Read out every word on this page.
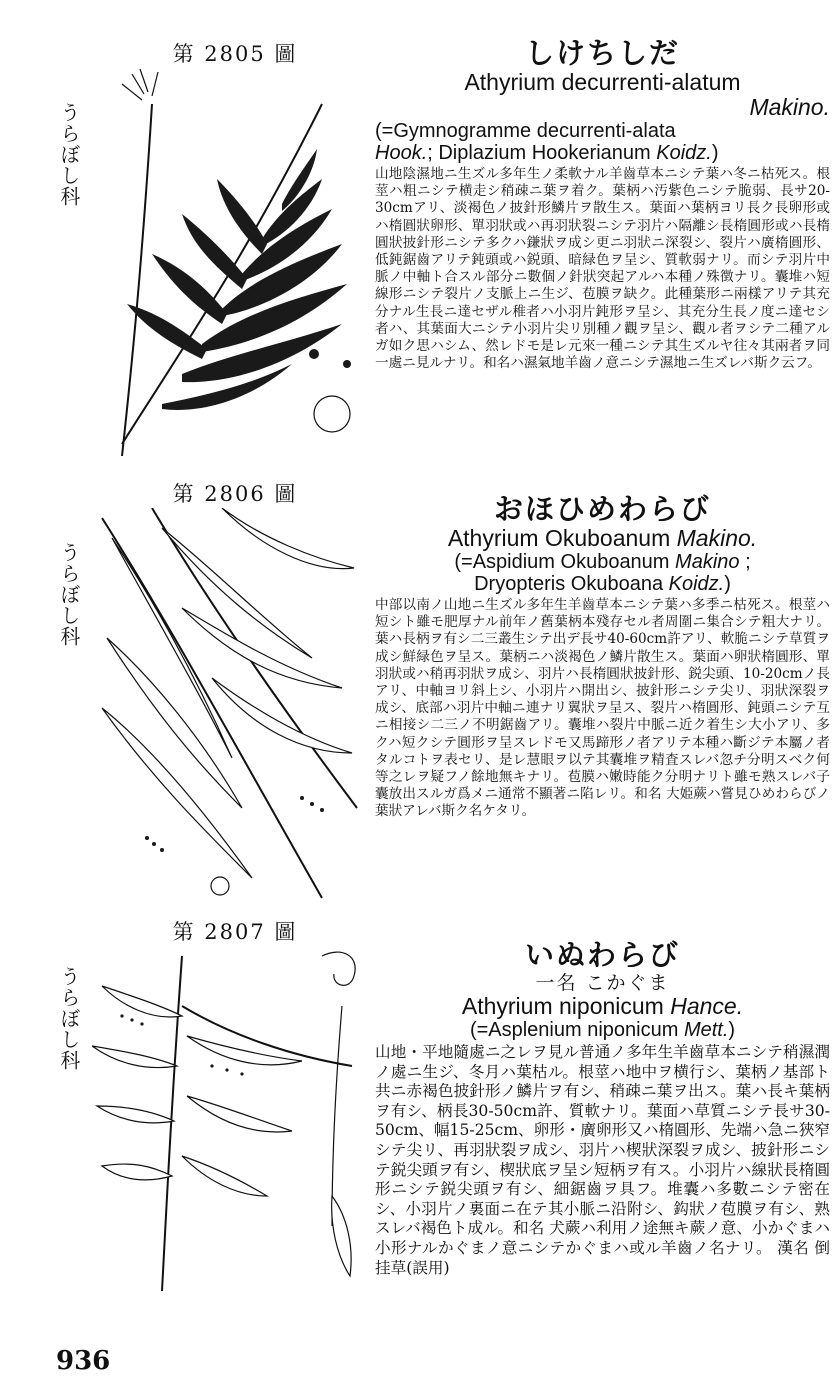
第 2805 圖
うらぼし科
しけちしだ
Athyrium decurrenti-alatum
Makino.
(=Gymnogramme decurrenti-alata
Hook.; Diplazium Hookerianum Koidz.)
山地陰濕地ニ生ズル多年生ノ柔軟ナル羊齒草本ニシテ葉ハ冬ニ枯死ス。根莖ハ粗ニシテ横走シ稍疎ニ葉ヲ着ク。葉柄ハ汚紫色ニシテ脆弱、長サ20-30cmアリ、淡褐色ノ披針形鱗片ヲ散生ス。葉面ハ葉柄ヨリ長ク長卵形或ハ楕圓狀卵形、單羽狀或ハ再羽狀裂ニシテ羽片ハ隔離シ長楕圓形或ハ長楕圓狀披針形ニシテ多クハ鎌狀ヲ成シ更ニ羽狀ニ深裂シ、裂片ハ廣楕圓形、低鈍鋸齒アリテ鈍頭或ハ鋭頭、暗緑色ヲ呈シ、質軟弱ナリ。而シテ羽片中脈ノ中軸ト合スル部分ニ數個ノ針狀突起アルハ本種ノ殊徴ナリ。囊堆ハ短線形ニシテ裂片ノ支脈上ニ生ジ、苞膜ヲ缺ク。此種葉形ニ兩樣アリテ其充分ナル生長ニ達セザル稚者ハ小羽片鈍形ヲ呈シ、其充分生長ノ度ニ達セシ者ハ、其葉面大ニシテ小羽片尖リ別種ノ觀ヲ呈シ、觀ル者ヲシテ二種アルガ如ク思ハシム、然レドモ是レ元來一種ニシテ其生ズルヤ往々其兩者ヲ同一處ニ見ルナリ。和名ハ濕氣地羊齒ノ意ニシテ濕地ニ生ズレバ斯ク云フ。
第 2806 圖
うらぼし科
おほひめわらび
Athyrium Okuboanum Makino.
(=Aspidium Okuboanum Makino ;
Dryopteris Okuboana Koidz.)
中部以南ノ山地ニ生ズル多年生羊齒草本ニシテ葉ハ多季ニ枯死ス。根莖ハ短シト雖モ肥厚ナル前年ノ舊葉柄本殘存セル者周圍ニ集合シテ粗大ナリ。葉ハ長柄ヲ有シ二三叢生シテ出デ長サ40-60cm許アリ、軟脆ニシテ草質ヲ成シ鮮緑色ヲ呈ス。葉柄ニハ淡褐色ノ鱗片散生ス。葉面ハ卵狀楕圓形、單羽狀或ハ稍再羽狀ヲ成シ、羽片ハ長楕圓狀披針形、鋭尖頭、10-20cmノ長アリ、中軸ヨリ斜上シ、小羽片ハ開出シ、披針形ニシテ尖リ、羽狀深裂ヲ成シ、底部ハ羽片中軸ニ連ナリ翼狀ヲ呈ス、裂片ハ楕圓形、鈍頭ニシテ互ニ相接シ二三ノ不明鋸齒アリ。囊堆ハ裂片中脈ニ近ク着生シ大小アリ、多クハ短クシテ圓形ヲ呈スレドモ又馬蹄形ノ者アリテ本種ハ斷ジテ本屬ノ者タルコトヲ表セリ、是レ慧眼ヲ以テ其囊堆ヲ精査スレバ忽チ分明スベク何等之レヲ疑フノ餘地無キナリ。苞膜ハ嫩時能ク分明ナリト雖モ熟スレバ子囊放出スルガ爲メニ通常不顯著ニ陷レリ。和名 大姫蕨ハ嘗見ひめわらびノ葉狀アレバ斯ク名ケタリ。
第 2807 圖
うらぼし科
いぬわらび
一名 こかぐま
Athyrium niponicum Hance.
(=Asplenium niponicum Mett.)
山地・平地隨處ニ之レヲ見ル普通ノ多年生羊齒草本ニシテ稍濕潤ノ處ニ生ジ、冬月ハ葉枯ル。根莖ハ地中ヲ横行シ、葉柄ノ基部ト共ニ赤褐色披針形ノ鱗片ヲ有シ、稍疎ニ葉ヲ出ス。葉ハ長キ葉柄ヲ有シ、柄長30-50cm許、質軟ナリ。葉面ハ草質ニシテ長サ30-50cm、幅15-25cm、卵形・廣卵形又ハ楕圓形、先端ハ急ニ狹窄シテ尖リ、再羽狀裂ヲ成シ、羽片ハ楔狀深裂ヲ成シ、披針形ニシテ鋭尖頭ヲ有シ、楔狀底ヲ呈シ短柄ヲ有ス。小羽片ハ線狀長楕圓形ニシテ鋭尖頭ヲ有シ、細鋸齒ヲ具フ。堆囊ハ多數ニシテ密在シ、小羽片ノ裏面ニ在テ其小脈ニ沿附シ、鈎狀ノ苞膜ヲ有シ、熟スレバ褐色ト成ル。和名 犬蕨ハ利用ノ途無キ蕨ノ意、小かぐまハ小形ナルかぐまノ意ニシテかぐまハ或ル羊齒ノ名ナリ。 漢名 倒挂草(誤用)
936
